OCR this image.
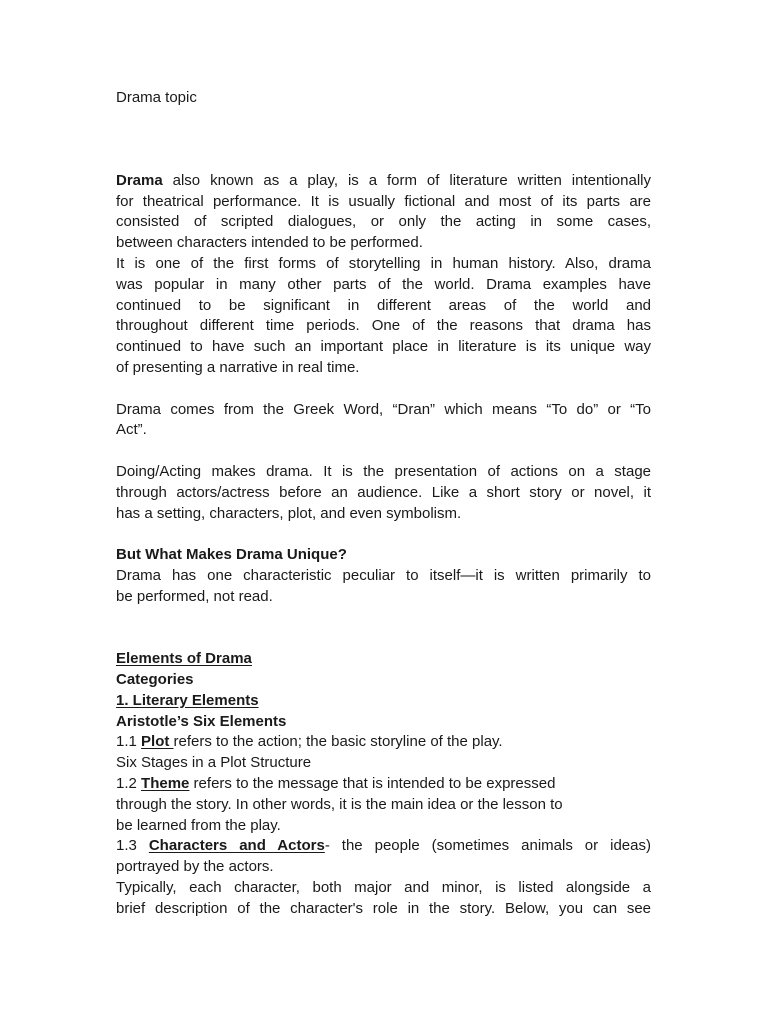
Drama topic
Drama also known as a play, is a form of literature written intentionally
for theatrical performance. It is usually fictional and most of its parts are
consisted of scripted dialogues, or only the acting in some cases,
between characters intended to be performed.
It is one of the first forms of storytelling in human history. Also, drama
was popular in many other parts of the world. Drama examples have
continued to be significant in different areas of the world and
throughout different time periods. One of the reasons that drama has
continued to have such an important place in literature is its unique way
of presenting a narrative in real time.
Drama comes from the Greek Word, “Dran” which means “To do” or “To
Act”.
Doing/Acting makes drama. It is the presentation of actions on a stage
through actors/actress before an audience. Like a short story or novel, it
has a setting, characters, plot, and even symbolism.
But What Makes Drama Unique?
Drama has one characteristic peculiar to itself—it is written primarily to
be performed, not read.
Elements of Drama
Categories
1. Literary Elements
Aristotle’s Six Elements
1.1 Plot refers to the action; the basic storyline of the play.
Six Stages in a Plot Structure
1.2 Theme refers to the message that is intended to be expressed
through the story. In other words, it is the main idea or the lesson to
be learned from the play.
1.3 Characters and Actors- the people (sometimes animals or ideas)
portrayed by the actors.
Typically, each character, both major and minor, is listed alongside a
brief description of the character's role in the story. Below, you can see
